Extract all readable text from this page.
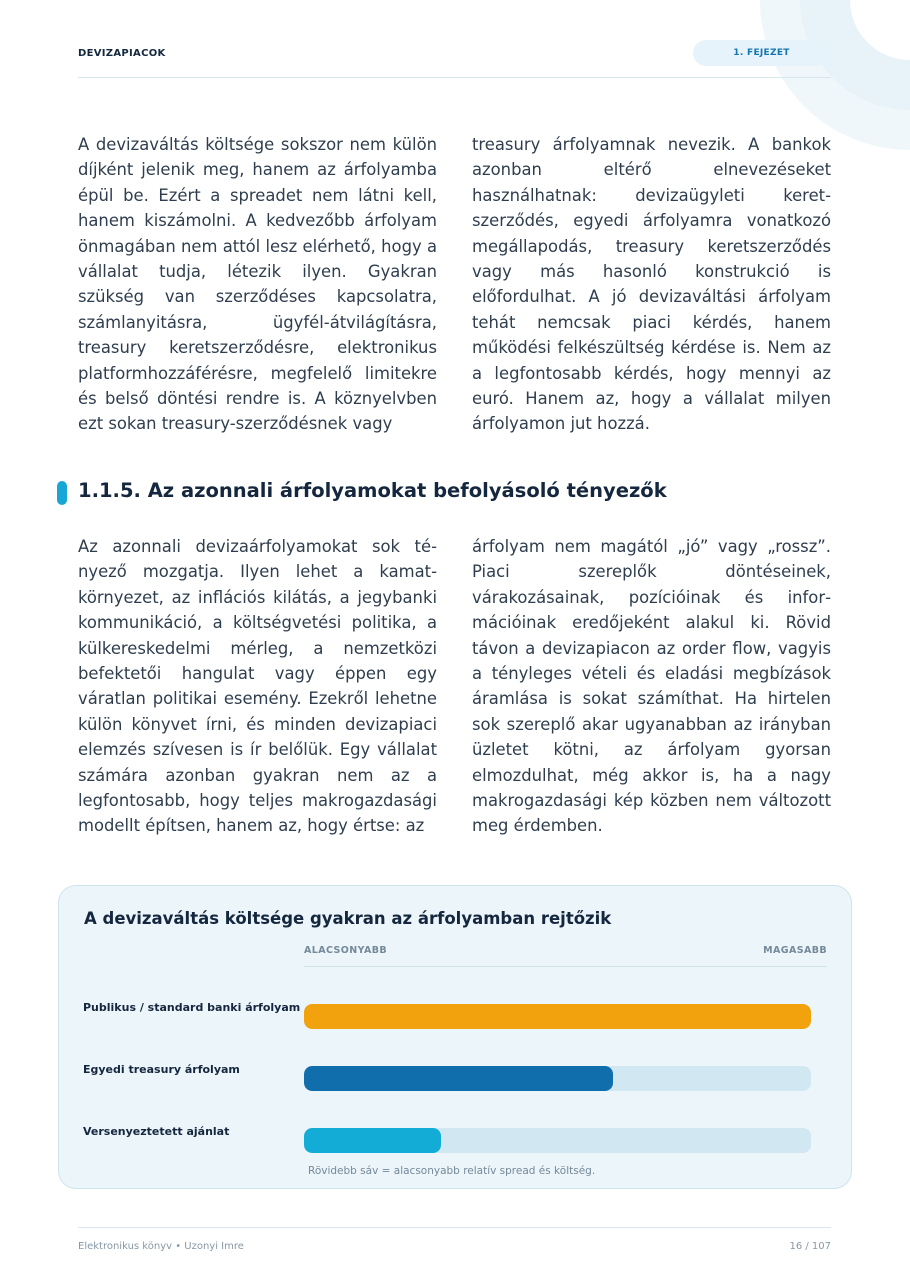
DEVIZAPIACOK	1. FEJEZET

A devizaváltás költsége sokszor nem külön díjként jelenik meg, hanem az árfolyamba épül be. Ezért a spreadet nem látni kell, hanem kiszámolni. A kedvezőbb árfolyam önmagában nem attól lesz elérhető, hogy a vállalat tudja, létezik ilyen. Gyakran szükség van szerződéses kapcsolatra, számlanyitásra, ügyfél-átvilágításra, treasury keretszerződésre, elektronikus platformhozzáférésre, megfelelő limitekre és belső döntési rendre is. A köznyelvben ezt sokan treasury-szerződésnek vagy

treasury árfolyamnak nevezik. A bankok azonban eltérő elnevezéseket használhatnak: devizaügyleti keretszerződés, egyedi árfolyamra vonatkozó megállapodás, treasury keretszerződés vagy más hasonló konstrukció is előfordulhat. A jó devizaváltási árfolyam tehát nemcsak piaci kérdés, hanem működési felkészültség kérdése is. Nem az a legfontosabb kérdés, hogy mennyi az euró. Hanem az, hogy a vállalat milyen árfolyamon jut hozzá.

1.1.5. Az azonnali árfolyamokat befolyásoló tényezők

Az azonnali devizaárfolyamokat sok tényező mozgatja. Ilyen lehet a kamatkörnyezet, az inflációs kilátás, a jegybanki kommunikáció, a költségvetési politika, a külkereskedelmi mérleg, a nemzetközi befektetői hangulat vagy éppen egy váratlan politikai esemény. Ezekről lehetne külön könyvet írni, és minden devizapiaci elemzés szívesen is ír belőlük. Egy vállalat számára azonban gyakran nem az a legfontosabb, hogy teljes makrogazdasági modellt építsen, hanem az, hogy értse: az

árfolyam nem magától „jó” vagy „rossz”. Piaci szereplők döntéseinek, várakozásainak, pozícióinak és információinak eredőjeként alakul ki. Rövid távon a devizapiacon az order flow, vagyis a tényleges vételi és eladási megbízások áramlása is sokat számíthat. Ha hirtelen sok szereplő akar ugyanabban az irányban üzletet kötni, az árfolyam gyorsan elmozdulhat, még akkor is, ha a nagy makrogazdasági kép közben nem változott meg érdemben.

A devizaváltás költsége gyakran az árfolyamban rejtőzik
ALACSONYABB	MAGASABB
Publikus / standard banki árfolyam
Egyedi treasury árfolyam
Versenyeztetett ajánlat
Rövidebb sáv = alacsonyabb relatív spread és költség.
Elektronikus könyv • Uzonyi Imre	16 / 107
